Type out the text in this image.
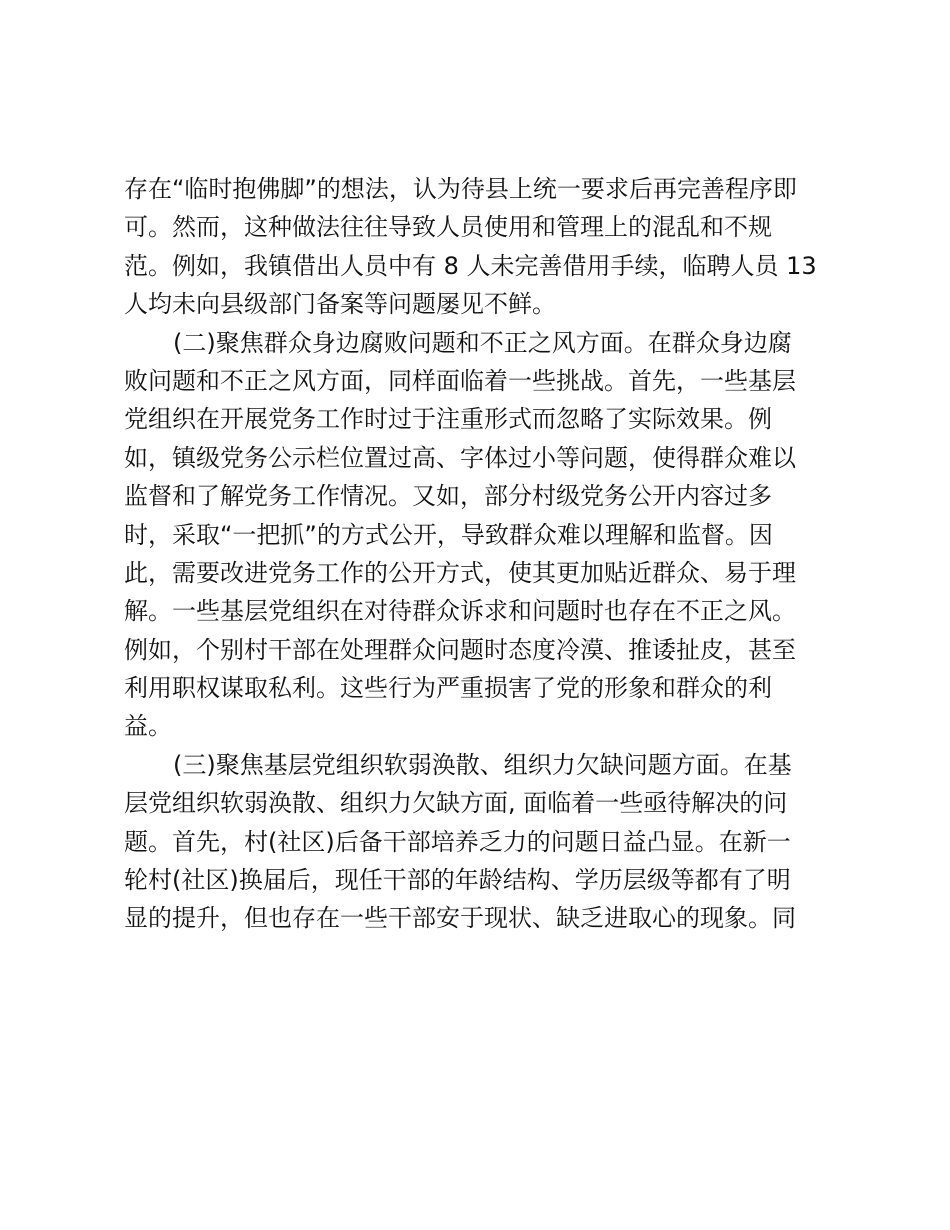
存在“临时抱佛脚”的想法，认为待县上统一要求后再完善程序即
可。然而，这种做法往往导致人员使用和管理上的混乱和不规
范。例如，我镇借出人员中有 8 人未完善借用手续，临聘人员 13
人均未向县级部门备案等问题屡见不鲜。
(二)聚焦群众身边腐败问题和不正之风方面。在群众身边腐
败问题和不正之风方面，同样面临着一些挑战。首先，一些基层
党组织在开展党务工作时过于注重形式而忽略了实际效果。例
如，镇级党务公示栏位置过高、字体过小等问题，使得群众难以
监督和了解党务工作情况。又如，部分村级党务公开内容过多
时，采取“一把抓”的方式公开，导致群众难以理解和监督。因
此，需要改进党务工作的公开方式，使其更加贴近群众、易于理
解。一些基层党组织在对待群众诉求和问题时也存在不正之风。
例如，个别村干部在处理群众问题时态度冷漠、推诿扯皮，甚至
利用职权谋取私利。这些行为严重损害了党的形象和群众的利
益。
(三)聚焦基层党组织软弱涣散、组织力欠缺问题方面。在基
层党组织软弱涣散、组织力欠缺方面, 面临着一些亟待解决的问
题。首先，村(社区)后备干部培养乏力的问题日益凸显。在新一
轮村(社区)换届后，现任干部的年龄结构、学历层级等都有了明
显的提升，但也存在一些干部安于现状、缺乏进取心的现象。同
